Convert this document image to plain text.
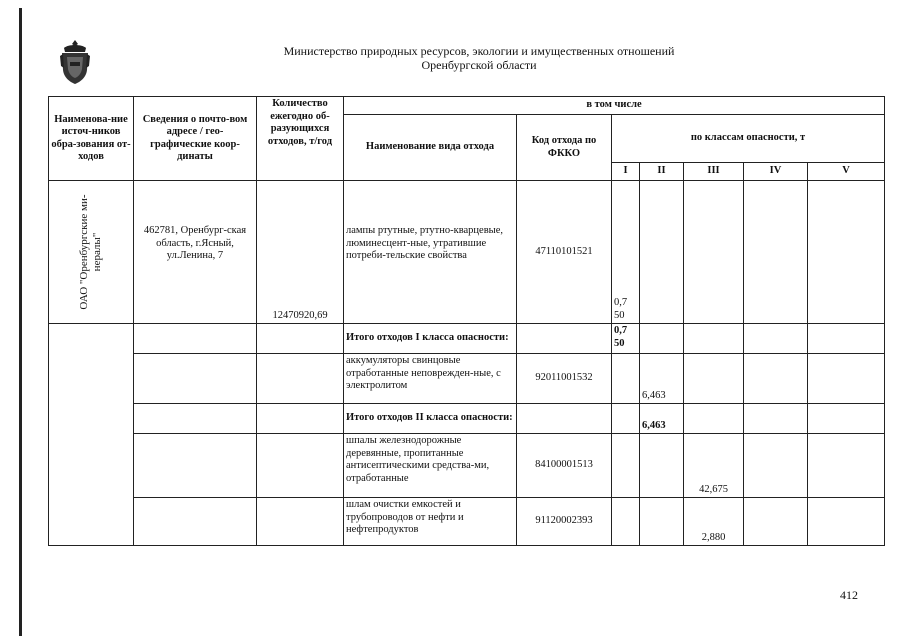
Министерство природных ресурсов, экологии и имущественных отношений
Оренбургской области
Наименова-ние источ-ников обра-зования от-ходов	Сведения о почто-вом адресе / гео-графические коор-динаты	Количество ежегодно об-разующихся отходов, т/год	в том числе						
			Наименование вида отхода	Код отхода по ФККО	по классам опасности, т				
					I	II	III	IV	V

ОАО "Оренбургские ми-нералы"	462781, Оренбург-ская область, г.Ясный, ул.Ленина, 7	12470920,69	лампы ртутные, ртутно-кварцевые, люминесцент-ные, утратившие потреби-тельские свойства	47110101521	0,7 50				
			Итого отходов I класса опасности:		0,7 50				
			аккумуляторы свинцовые отработанные неповрежден-ные, с электролитом	92011001532		6,463			
			Итого отходов II класса опасности:			6,463			
			шпалы железнодорожные деревянные, пропитанные антисептическими средства-ми, отработанные	84100001513			42,675		
			шлам очистки емкостей и трубопроводов от нефти и нефтепродуктов	91120002393			2,880		
412
